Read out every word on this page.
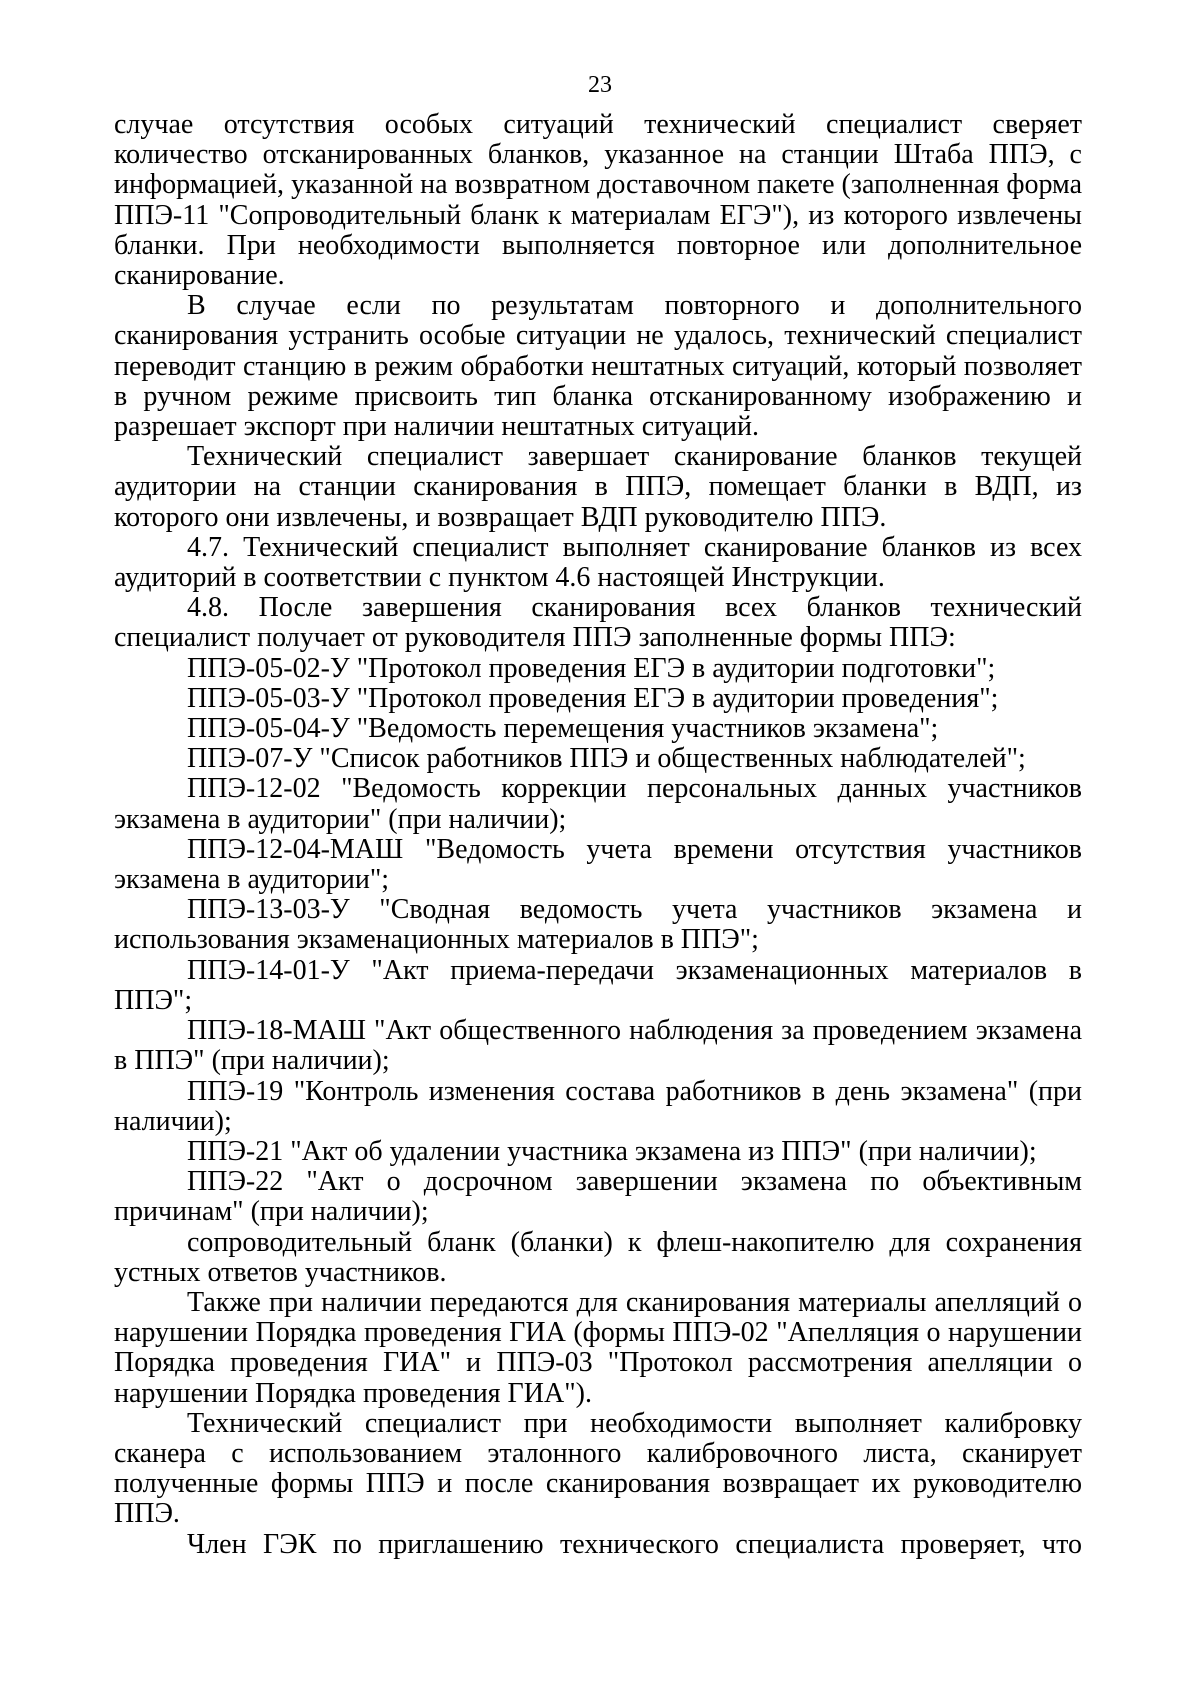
23

случае отсутствия особых ситуаций технический специалист сверяет количество отсканированных бланков, указанное на станции Штаба ППЭ, с информацией, указанной на возвратном доставочном пакете (заполненная форма ППЭ-11 "Сопроводительный бланк к материалам ЕГЭ"), из которого извлечены бланки. При необходимости выполняется повторное или дополнительное сканирование.

В случае если по результатам повторного и дополнительного сканирования устранить особые ситуации не удалось, технический специалист переводит станцию в режим обработки нештатных ситуаций, который позволяет в ручном режиме присвоить тип бланка отсканированному изображению и разрешает экспорт при наличии нештатных ситуаций.

Технический специалист завершает сканирование бланков текущей аудитории на станции сканирования в ППЭ, помещает бланки в ВДП, из которого они извлечены, и возвращает ВДП руководителю ППЭ.

4.7. Технический специалист выполняет сканирование бланков из всех аудиторий в соответствии с пунктом 4.6 настоящей Инструкции.

4.8. После завершения сканирования всех бланков технический специалист получает от руководителя ППЭ заполненные формы ППЭ:

ППЭ-05-02-У "Протокол проведения ЕГЭ в аудитории подготовки";

ППЭ-05-03-У "Протокол проведения ЕГЭ в аудитории проведения";

ППЭ-05-04-У "Ведомость перемещения участников экзамена";

ППЭ-07-У "Список работников ППЭ и общественных наблюдателей";

ППЭ-12-02 "Ведомость коррекции персональных данных участников экзамена в аудитории" (при наличии);

ППЭ-12-04-МАШ "Ведомость учета времени отсутствия участников экзамена в аудитории";

ППЭ-13-03-У "Сводная ведомость учета участников экзамена и использования экзаменационных материалов в ППЭ";

ППЭ-14-01-У "Акт приема-передачи экзаменационных материалов в ППЭ";

ППЭ-18-МАШ "Акт общественного наблюдения за проведением экзамена в ППЭ" (при наличии);

ППЭ-19 "Контроль изменения состава работников в день экзамена" (при наличии);

ППЭ-21 "Акт об удалении участника экзамена из ППЭ" (при наличии);

ППЭ-22 "Акт о досрочном завершении экзамена по объективным причинам" (при наличии);

сопроводительный бланк (бланки) к флеш-накопителю для сохранения устных ответов участников.

Также при наличии передаются для сканирования материалы апелляций о нарушении Порядка проведения ГИА (формы ППЭ-02 "Апелляция о нарушении Порядка проведения ГИА" и ППЭ-03 "Протокол рассмотрения апелляции о нарушении Порядка проведения ГИА").

Технический специалист при необходимости выполняет калибровку сканера с использованием эталонного калибровочного листа, сканирует полученные формы ППЭ и после сканирования возвращает их руководителю ППЭ.

Член ГЭК по приглашению технического специалиста проверяет, что
